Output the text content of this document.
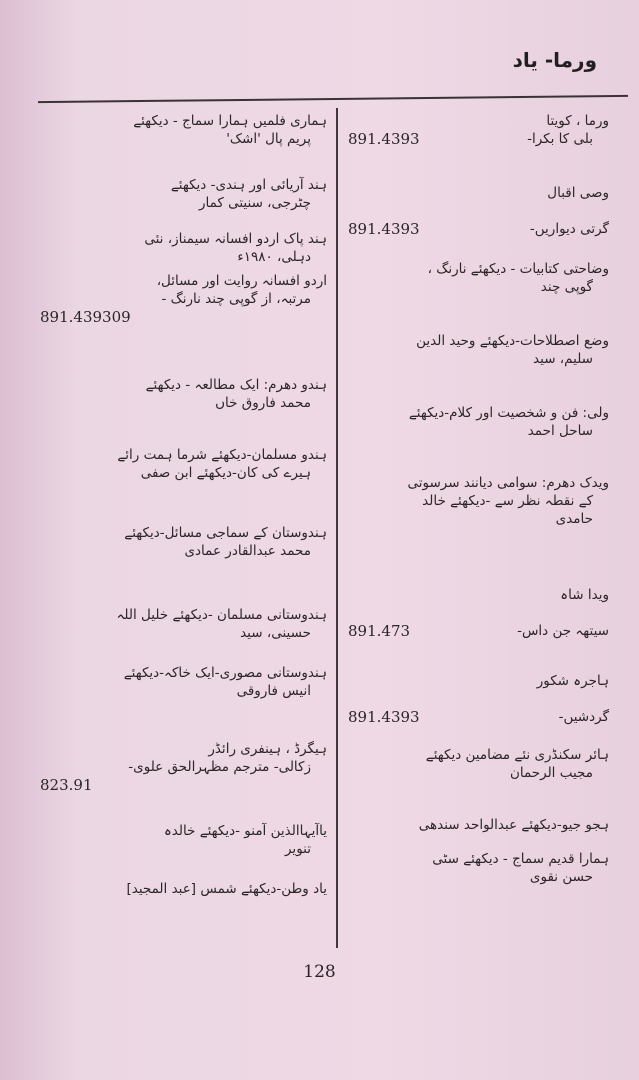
ورما- یاد
ورما ، کویتا
بلی کا بکرا-
891.4393
وصی اقبال
گرتی دیواریں-
891.4393
وضاحتی کتابیات - دیکھئے نارنگ ،
گوپی چند
وضع اصطلاحات-دیکھئے وحید الدین
سلیم، سید
ولی: فن و شخصیت اور کلام-دیکھئے
ساحل احمد
ویدک دھرم: سوامی دیانند سرسوتی
کے نقطہ نظر سے -دیکھئے خالد
حامدی
ویدا شاہ
سیتھہ جن داس-
891.473
ہاجرہ شکور
گردشیں-
891.4393
ہائر سکنڈری نئے مضامین دیکھئے
مجیب الرحمان
ہجو جیو-دیکھئے عبدالواحد سندھی
ہمارا قدیم سماج - دیکھئے سٹی
حسن نقوی
ہماری فلمیں ہمارا سماج - دیکھئے
پریم پال 'اشک'
ہند آریائی اور ہندی- دیکھئے
چٹرجی، سنیتی کمار
ہند پاک اردو افسانہ سیمناز، نئی
دہلی، ۱۹۸۰ء
اردو افسانہ روایت اور مسائل،
مرتبہ، از گوپی چند نارنگ -
891.439309
ہندو دھرم: ایک مطالعہ - دیکھئے
محمد فاروق خاں
ہندو مسلمان-دیکھئے شرما ہمت رائے
ہیرے کی کان-دیکھئے ابن صفی
ہندوستان کے سماجی مسائل-دیکھئے
محمد عبدالقادر عمادی
ہندوستانی مسلمان -دیکھئے خلیل اللہ
حسینی، سید
ہندوستانی مصوری-ایک خاکہ-دیکھئے
انیس فاروقی
ہیگرڈ ، ہینفری رائڈر
زکالی- مترجم مظہرالحق علوی-
823.91
یاآیہاالذین آمنو -دیکھئے خالدہ
تنویر
یاد وطن-دیکھئے شمس [عبد المجید]
128
